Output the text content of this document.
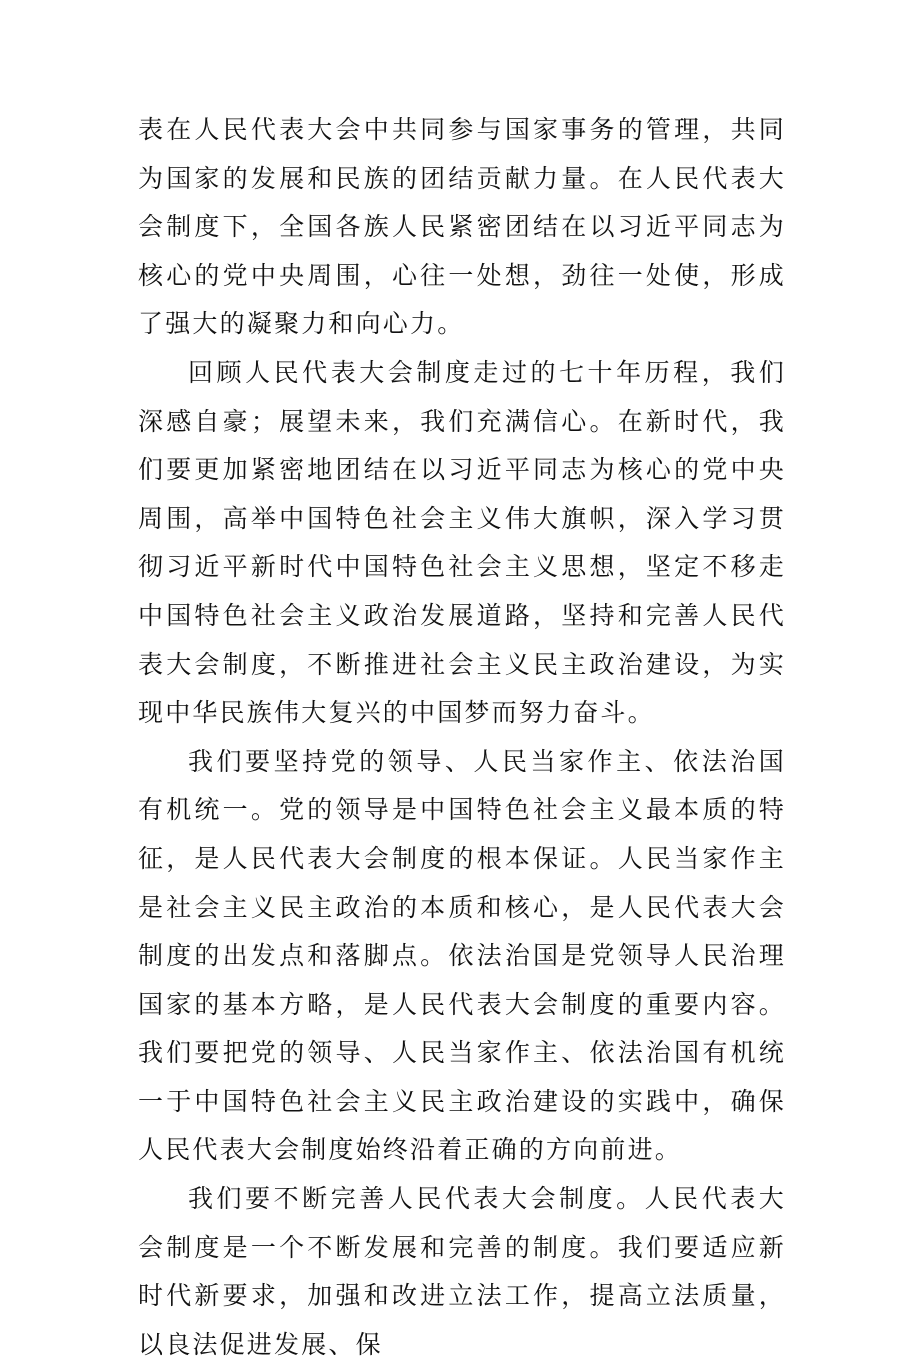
表在人民代表大会中共同参与国家事务的管理，共同为国家的发展和民族的团结贡献力量。在人民代表大会制度下，全国各族人民紧密团结在以习近平同志为核心的党中央周围，心往一处想，劲往一处使，形成了强大的凝聚力和向心力。

回顾人民代表大会制度走过的七十年历程，我们深感自豪；展望未来，我们充满信心。在新时代，我们要更加紧密地团结在以习近平同志为核心的党中央周围，高举中国特色社会主义伟大旗帜，深入学习贯彻习近平新时代中国特色社会主义思想，坚定不移走中国特色社会主义政治发展道路，坚持和完善人民代表大会制度，不断推进社会主义民主政治建设，为实现中华民族伟大复兴的中国梦而努力奋斗。

我们要坚持党的领导、人民当家作主、依法治国有机统一。党的领导是中国特色社会主义最本质的特征，是人民代表大会制度的根本保证。人民当家作主是社会主义民主政治的本质和核心，是人民代表大会制度的出发点和落脚点。依法治国是党领导人民治理国家的基本方略，是人民代表大会制度的重要内容。我们要把党的领导、人民当家作主、依法治国有机统一于中国特色社会主义民主政治建设的实践中，确保人民代表大会制度始终沿着正确的方向前进。

我们要不断完善人民代表大会制度。人民代表大会制度是一个不断发展和完善的制度。我们要适应新时代新要求，加强和改进立法工作，提高立法质量，以良法促进发展、保
